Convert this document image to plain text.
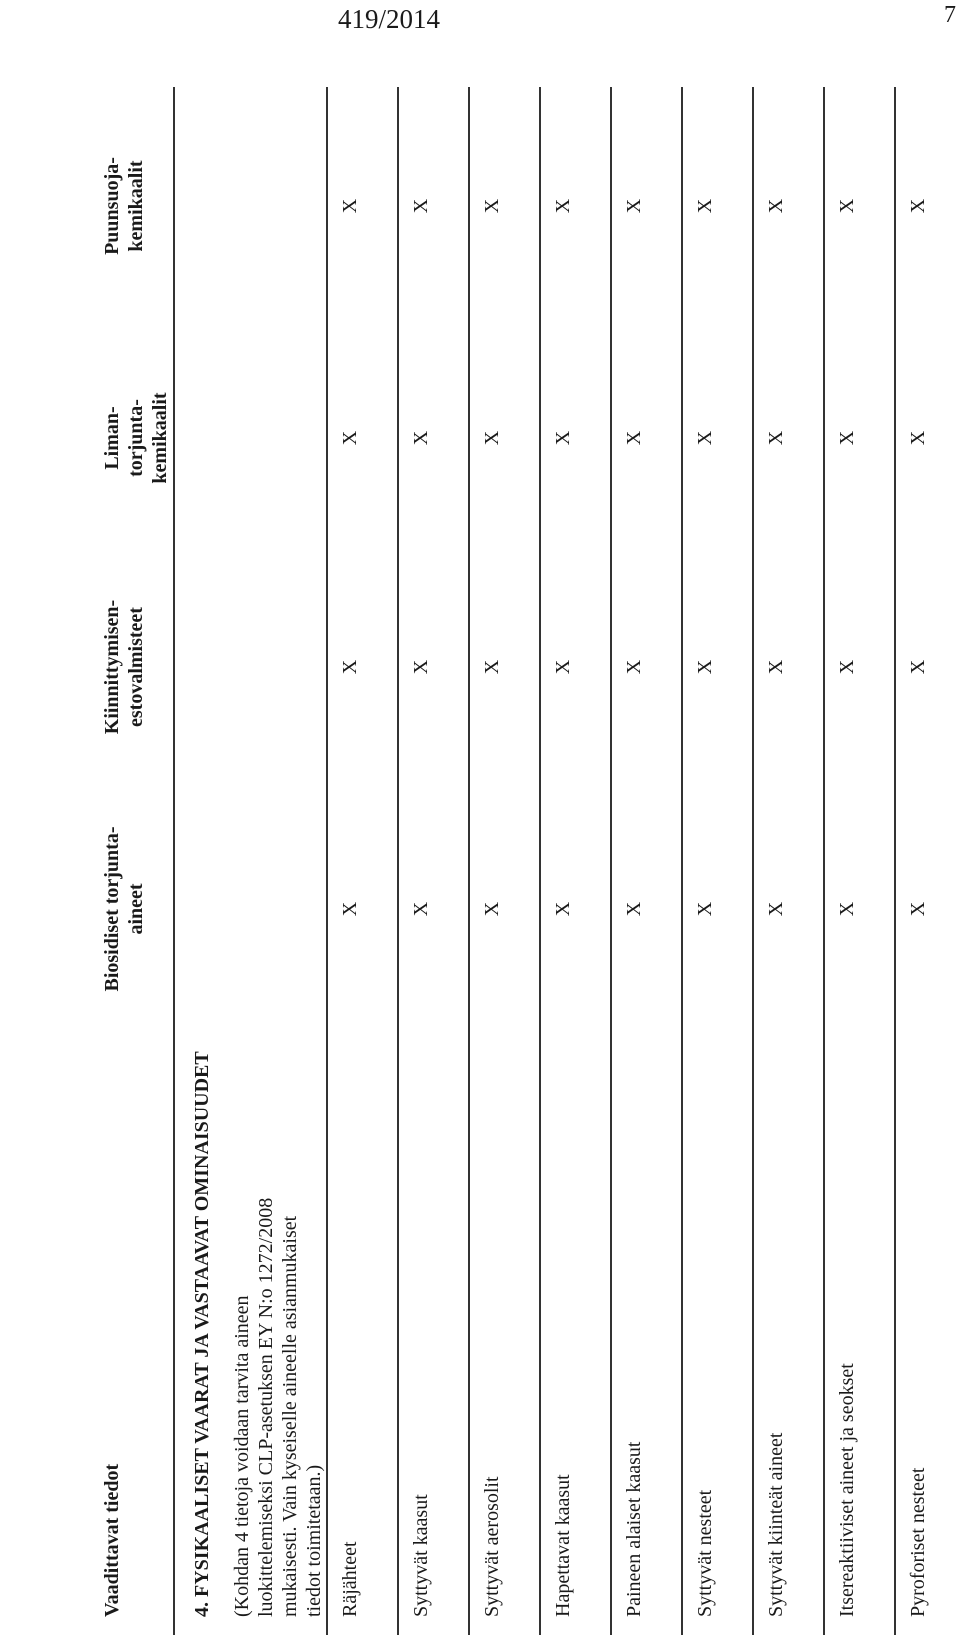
419/2014	7
Vaadittavat tiedot	Biosidiset torjunta-aineet	Kiinnittymisen-estovalmisteet	Liman-torjunta-kemikaalit	Puunsuoja-kemikaalit

4. FYSIKAALISET VAARAT JA VASTAAVAT OMINAISUUDET (Kohdan 4 tietoja voidaan tarvita aineen luokittelemiseksi CLP-asetuksen EY N:o 1272/2008 mukaisesti. Vain kyseiselle aineelle asianmukaiset tiedot toimitetaan.)				

Räjähteet	X	X	X	X
Syttyvät kaasut	X	X	X	X
Syttyvät aerosolit	X	X	X	X
Hapettavat kaasut	X	X	X	X
Paineen alaiset kaasut	X	X	X	X
Syttyvät nesteet	X	X	X	X
Syttyvät kiinteät aineet	X	X	X	X
Itsereaktiiviset aineet ja seokset	X	X	X	X
Pyroforiset nesteet	X	X	X	X
